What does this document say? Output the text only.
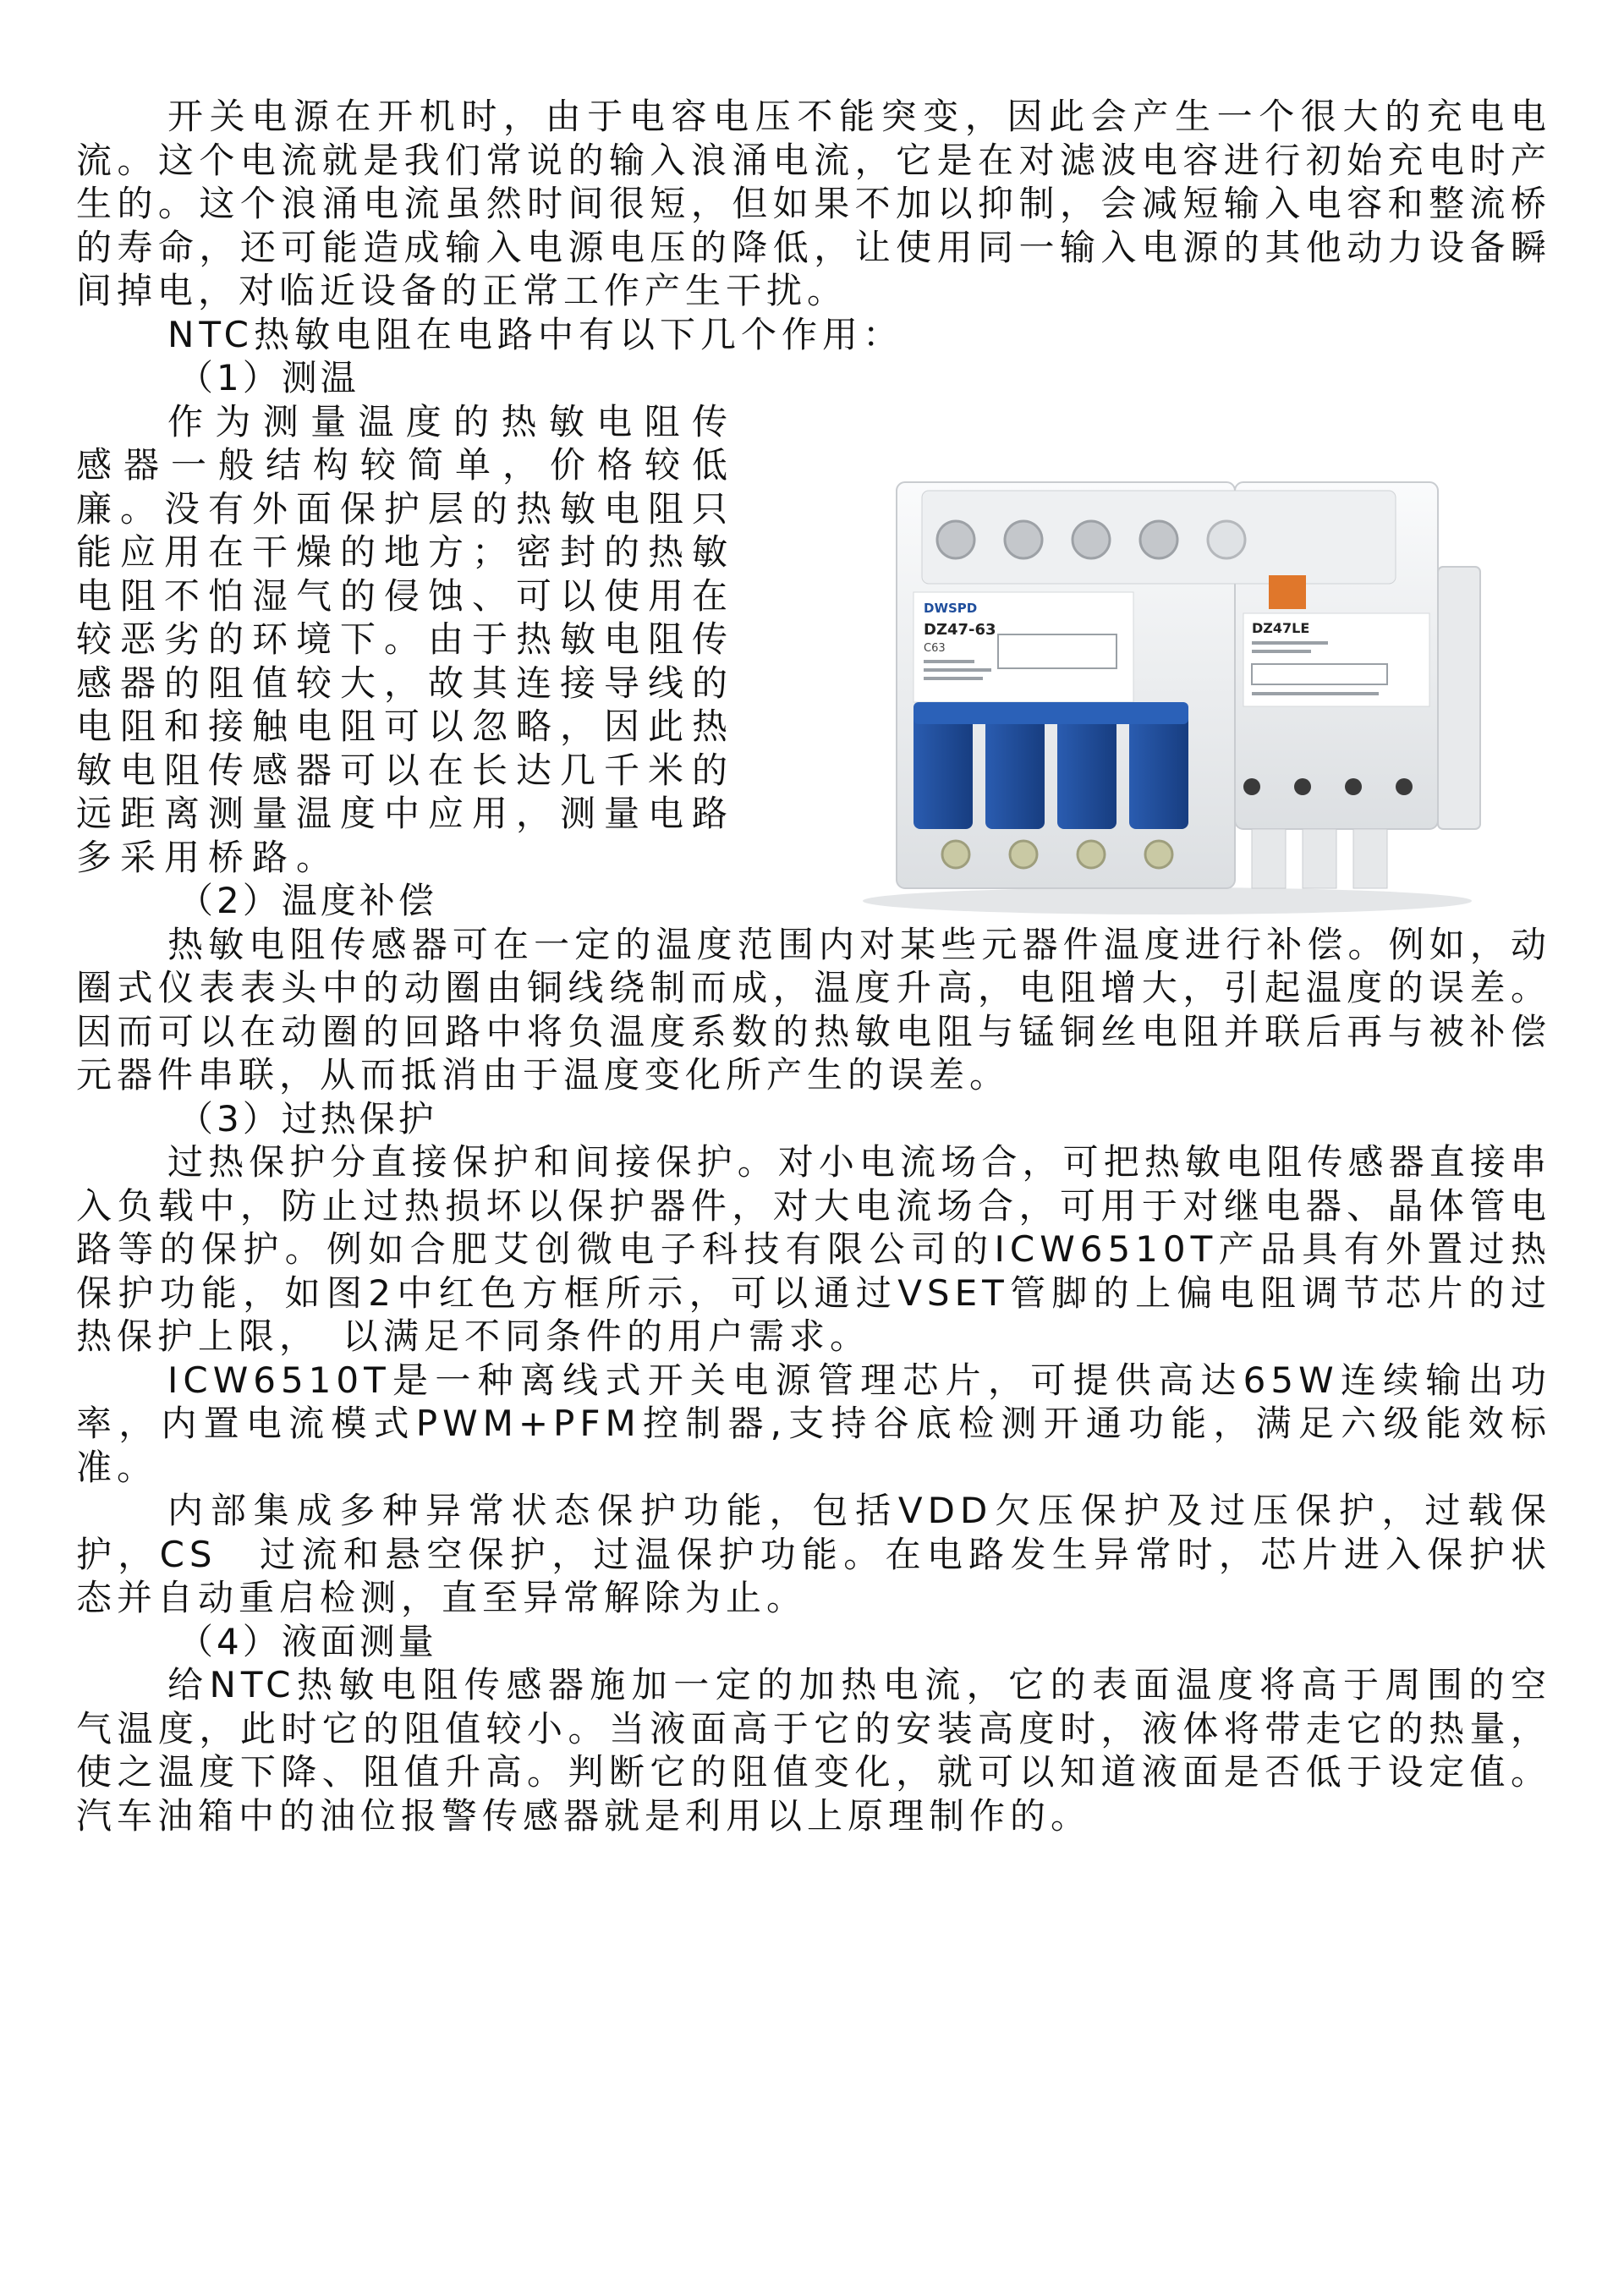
开关电源在开机时，由于电容电压不能突变，因此会产生一个很大的充电电流。这个电流就是我们常说的输入浪涌电流，它是在对滤波电容进行初始充电时产生的。这个浪涌电流虽然时间很短，但如果不加以抑制，会减短输入电容和整流桥的寿命，还可能造成输入电源电压的降低，让使用同一输入电源的其他动力设备瞬间掉电，对临近设备的正常工作产生干扰。

NTC热敏电阻在电路中有以下几个作用：

（1）测温

作为测量温度的热敏电阻传感器一般结构较简单，价格较低廉。没有外面保护层的热敏电阻只能应用在干燥的地方；密封的热敏电阻不怕湿气的侵蚀、可以使用在较恶劣的环境下。由于热敏电阻传感器的阻值较大，故其连接导线的电阻和接触电阻可以忽略，因此热敏电阻传感器可以在长达几千米的远距离测量温度中应用，测量电路多采用桥路。

（2）温度补偿

热敏电阻传感器可在一定的温度范围内对某些元器件温度进行补偿。例如，动圈式仪表表头中的动圈由铜线绕制而成，温度升高，电阻增大，引起温度的误差。因而可以在动圈的回路中将负温度系数的热敏电阻与锰铜丝电阻并联后再与被补偿元器件串联，从而抵消由于温度变化所产生的误差。

（3）过热保护

过热保护分直接保护和间接保护。对小电流场合，可把热敏电阻传感器直接串入负载中，防止过热损坏以保护器件，对大电流场合，可用于对继电器、晶体管电路等的保护。例如合肥艾创微电子科技有限公司的ICW6510T产品具有外置过热保护功能，如图2中红色方框所示，可以通过VSET管脚的上偏电阻调节芯片的过热保护上限，　以满足不同条件的用户需求。

ICW6510T是一种离线式开关电源管理芯片，可提供高达65W连续输出功率，内置电流模式PWM+PFM控制器,支持谷底检测开通功能，满足六级能效标准。

内部集成多种异常状态保护功能，包括VDD欠压保护及过压保护，过载保护，CS　过流和悬空保护，过温保护功能。在电路发生异常时，芯片进入保护状态并自动重启检测，直至异常解除为止。

（4）液面测量

给NTC热敏电阻传感器施加一定的加热电流，它的表面温度将高于周围的空气温度，此时它的阻值较小。当液面高于它的安装高度时，液体将带走它的热量，使之温度下降、阻值升高。判断它的阻值变化，就可以知道液面是否低于设定值。汽车油箱中的油位报警传感器就是利用以上原理制作的。

DWSPD
DZ47-63
C63
DZ47LE
